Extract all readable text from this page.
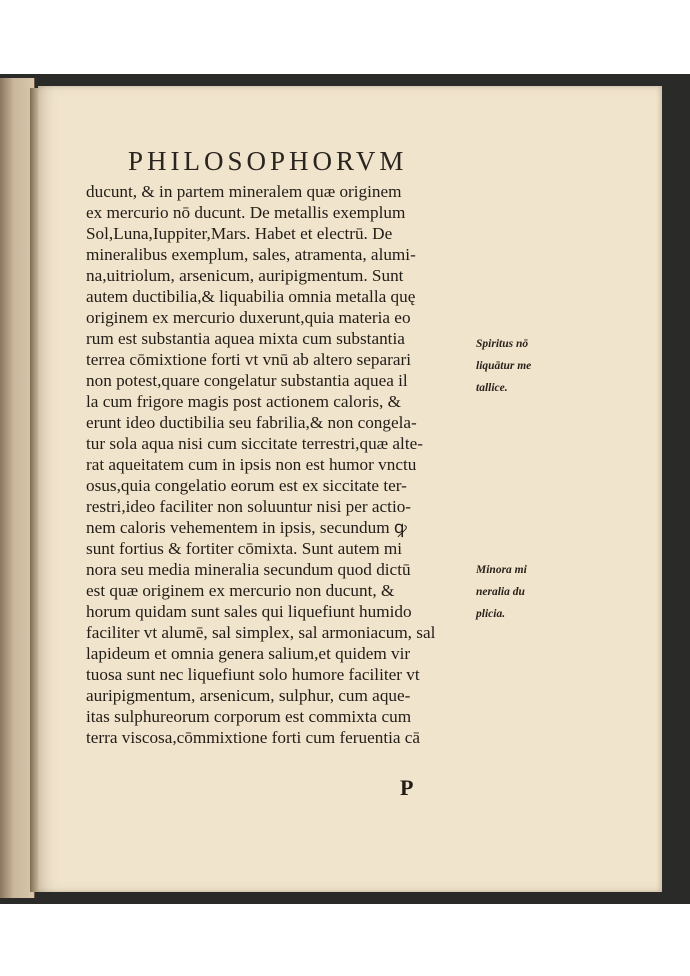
PHILOSOPHORVM
ducunt, & in partem mineralem quæ originem
ex mercurio nō ducunt. De metallis exemplum
Sol,Luna,Iuppiter,Mars. Habet et electrū. De
mineralibus exemplum, sales, atramenta, alumi-
na,uitriolum, arsenicum, auripigmentum. Sunt
autem ductibilia,& liquabilia omnia metalla quę
originem ex mercurio duxerunt,quia materia eo
rum est substantia aquea mixta cum substantia
terrea cōmixtione forti vt vnū ab altero separari
non potest,quare congelatur substantia aquea il
la cum frigore magis post actionem caloris, &
erunt ideo ductibilia seu fabrilia,& non congela-
tur sola aqua nisi cum siccitate terrestri,quæ alte-
rat aqueitatem cum in ipsis non est humor vnctu
osus,quia congelatio eorum est ex siccitate ter-
restri,ideo faciliter non soluuntur nisi per actio-
nem caloris vehementem in ipsis, secundum ꝙ
sunt fortius & fortiter cōmixta. Sunt autem mi
nora seu media mineralia secundum quod dictū
est quæ originem ex mercurio non ducunt, &
horum quidam sunt sales qui liquefiunt humido
faciliter vt alumē, sal simplex, sal armoniacum, sal
lapideum et omnia genera salium,et quidem vir
tuosa sunt nec liquefiunt solo humore faciliter vt
auripigmentum, arsenicum, sulphur, cum aque-
itas sulphureorum corporum est commixta cum
terra viscosa,cōmmixtione forti cum feruentia cā
Spiritus nō
liquātur me
tallice.
Minora mi
neralia du
plicia.
P
